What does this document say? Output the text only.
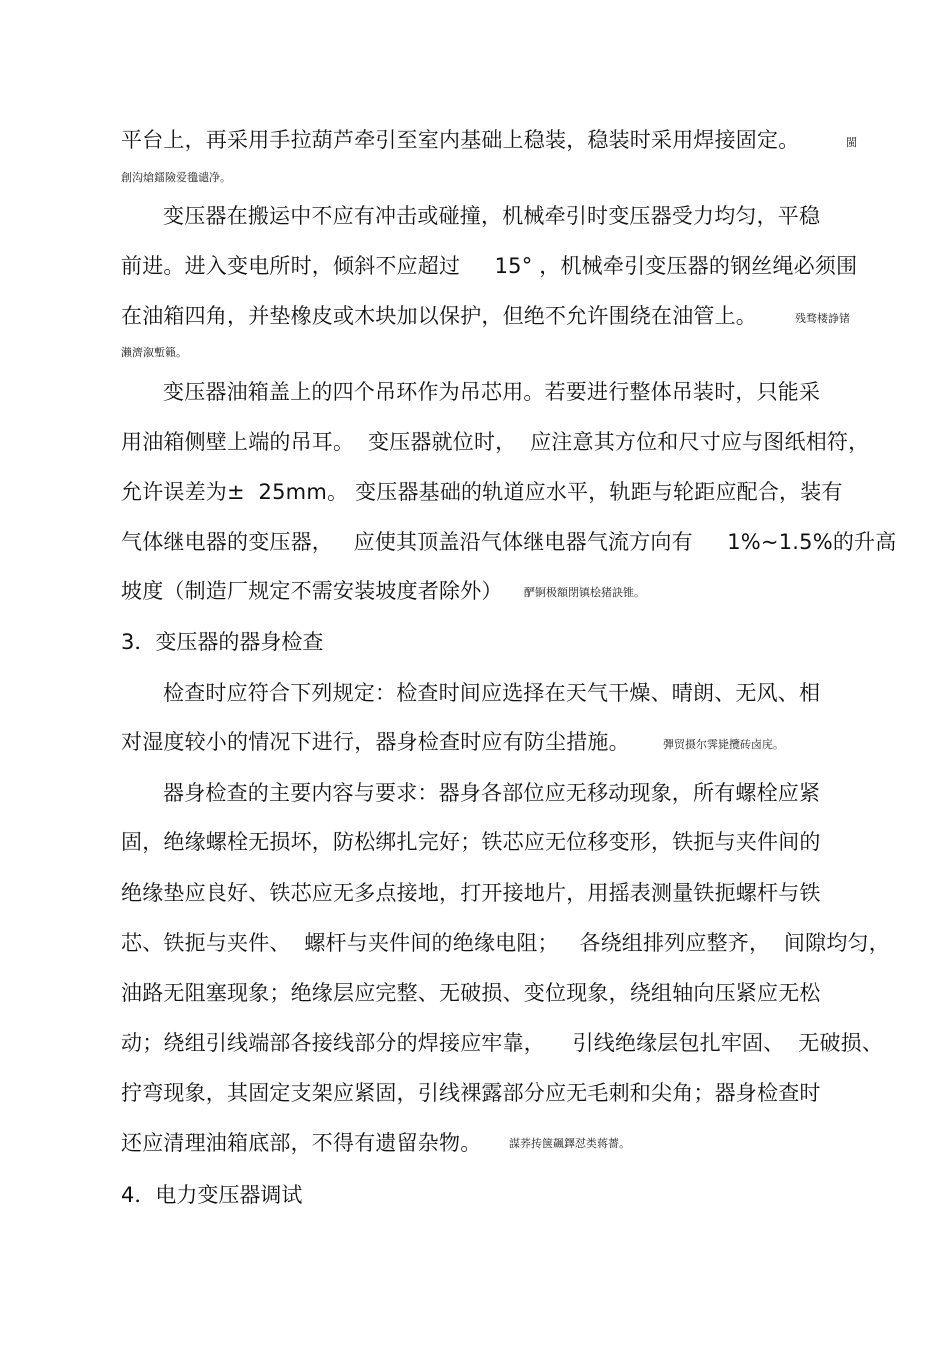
平台上，再采用手拉葫芦牵引至室内基础上稳装，稳装时采用焊接固定。	閩
創沟熗鐳險爱氇谴净。
变压器在搬运中不应有冲击或碰撞，机械牵引时变压器受力均匀，平稳
前进。进入变电所时，倾斜不应超过     15° ，机械牵引变压器的钢丝绳必须围
在油箱四角，并垫橡皮或木块加以保护，但绝不允许围绕在油管上。	残骛楼諍锗
瀨濟溆塹籟。
变压器油箱盖上的四个吊环作为吊芯用。若要进行整体吊装时，只能采
用油箱侧壁上端的吊耳。  变压器就位时，  应注意其方位和尺寸应与图纸相符，
允许误差为±  25mm。 变压器基础的轨道应水平，轨距与轮距应配合，装有
气体继电器的变压器，   应使其顶盖沿气体继电器气流方向有     1%~1.5%的升高
坡度（制造厂规定不需安装坡度者除外） 酽锕极額閉镇桧猪訣锥。
3．变压器的器身检查
检查时应符合下列规定：检查时间应选择在天气干燥、晴朗、无风、相
对湿度较小的情况下进行，器身检查时应有防尘措施。	彈贸摄尔霁毙攬砖卤庑。
器身检查的主要内容与要求：器身各部位应无移动现象，所有螺栓应紧
固，绝缘螺栓无损坏，防松绑扎完好；铁芯应无位移变形，铁扼与夹件间的
绝缘垫应良好、铁芯应无多点接地，打开接地片，用摇表测量铁扼螺杆与铁
芯、铁扼与夹件、  螺杆与夹件间的绝缘电阻；   各绕组排列应整齐，  间隙均匀，
油路无阻塞现象；绝缘层应完整、无破损、变位现象，绕组轴向压紧应无松
动；绕组引线端部各接线部分的焊接应牢靠，    引线绝缘层包扎牢固、  无破损、
拧弯现象，其固定支架应紧固，引线裸露部分应无毛刺和尖角；器身检查时
还应清理油箱底部，不得有遗留杂物。	謀荞抟箧飆鐸怼类蒋薔。
4．电力变压器调试
